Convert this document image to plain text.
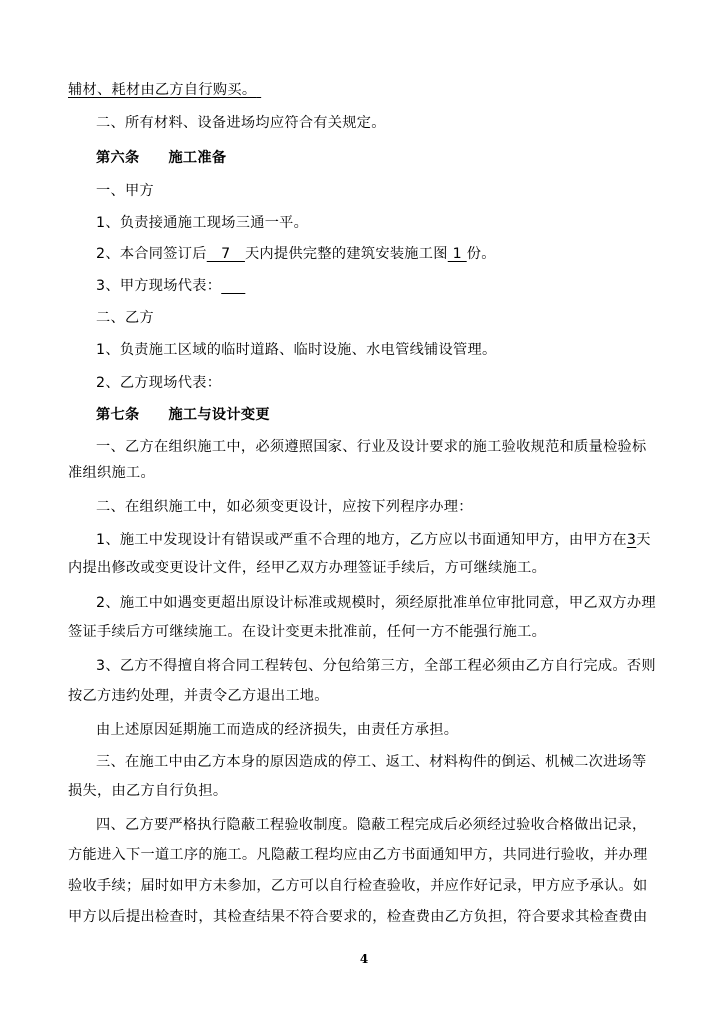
辅材、耗材由乙方自行购买。
二、所有材料、设备进场均应符合有关规定。
第六条　　施工准备
一、甲方
1、负责接通施工现场三通一平。
2、本合同签订后   7   天内提供完整的建筑安装施工图 1 份。
3、甲方现场代表：
二、乙方
1、负责施工区域的临时道路、临时设施、水电管线铺设管理。
2、乙方现场代表：
第七条　　施工与设计变更
一、乙方在组织施工中，必须遵照国家、行业及设计要求的施工验收规范和质量检验标
准组织施工。
二、在组织施工中，如必须变更设计，应按下列程序办理：
1、施工中发现设计有错误或严重不合理的地方，乙方应以书面通知甲方，由甲方在3天
内提出修改或变更设计文件，经甲乙双方办理签证手续后，方可继续施工。
2、施工中如遇变更超出原设计标准或规模时，须经原批准单位审批同意，甲乙双方办理
签证手续后方可继续施工。在设计变更未批准前，任何一方不能强行施工。
3、乙方不得擅自将合同工程转包、分包给第三方，全部工程必须由乙方自行完成。否则
按乙方违约处理，并责令乙方退出工地。
由上述原因延期施工而造成的经济损失，由责任方承担。
三、在施工中由乙方本身的原因造成的停工、返工、材料构件的倒运、机械二次进场等
损失，由乙方自行负担。
四、乙方要严格执行隐蔽工程验收制度。隐蔽工程完成后必须经过验收合格做出记录，
方能进入下一道工序的施工。凡隐蔽工程均应由乙方书面通知甲方，共同进行验收，并办理
验收手续；届时如甲方未参加，乙方可以自行检查验收，并应作好记录，甲方应予承认。如
甲方以后提出检查时，其检查结果不符合要求的，检查费由乙方负担，符合要求其检查费由
4
